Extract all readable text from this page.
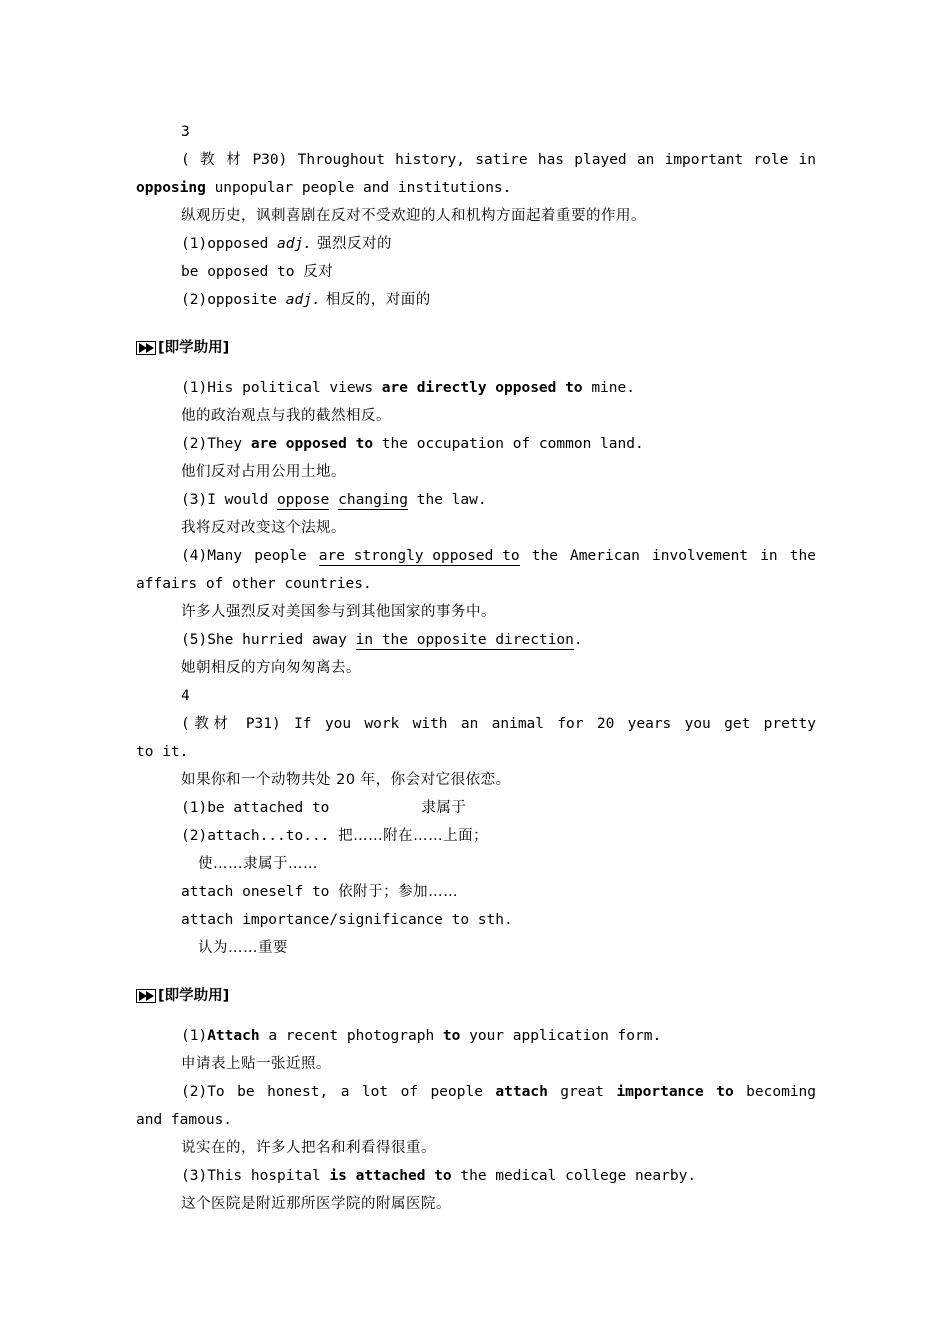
3
( 教 材 P30) Throughout history, satire has played an important role in
opposing unpopular people and institutions.
纵观历史，讽刺喜剧在反对不受欢迎的人和机构方面起着重要的作用。
(1)opposed adj. 强烈反对的
be opposed to 反对
(2)opposite adj. 相反的，对面的
[即学助用]
(1)His political views are directly opposed to mine.
他的政治观点与我的截然相反。
(2)They are opposed to the occupation of common land.
他们反对占用公用土地。
(3)I would oppose changing the law.
我将反对改变这个法规。
(4)Many people are strongly opposed to the American involvement in the
affairs of other countries.
许多人强烈反对美国参与到其他国家的事务中。
(5)She hurried away in the opposite direction.
她朝相反的方向匆匆离去。
4
(教材 P31) If you work with an animal for 20 years you get pretty
to it.
如果你和一个动物共处 20 年，你会对它很依恋。
(1)be attached to	隶属于
(2)attach...to... 把……附在……上面；
使……隶属于……
attach oneself to 依附于；参加……
attach importance/significance to sth.
认为……重要
[即学助用]
(1)Attach a recent photograph to your application form.
申请表上贴一张近照。
(2)To be honest, a lot of people attach great importance to becoming
and famous.
说实在的，许多人把名和利看得很重。
(3)This hospital is attached to the medical college nearby.
这个医院是附近那所医学院的附属医院。
